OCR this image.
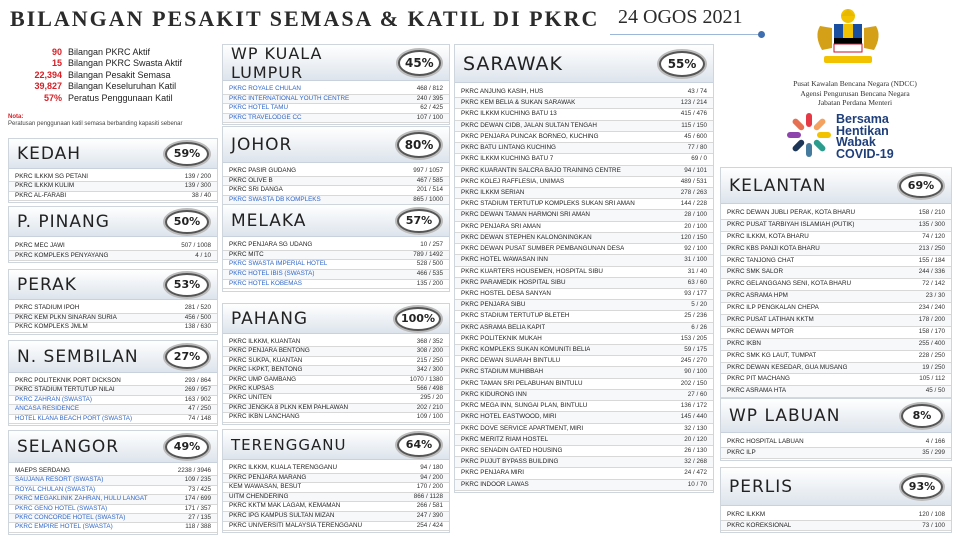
BILANGAN PESAKIT SEMASA & KATIL DI PKRC 24 OGOS 2021
Pusat Kawalan Bencana Negara (NDCC)
Agensi Pengurusan Bencana Negara
Jabatan Perdana Menteri
Bersama
Hentikan
Wabak
COVID-19
90 Bilangan PKRC Aktif
15 Bilangan PKRC Swasta Aktif
22,394 Bilangan Pesakit Semasa
39,827 Bilangan Keseluruhan Katil
57% Peratus Penggunaan Katil
Nota:
Peratusan penggunaan katil semasa berbanding kapasiti sebenar
KEDAH	59%
PKRC ILKKM SG PETANI	139 / 200
PKRC ILKKM KULIM	139 / 300
PKRC AL-FARABI	38 / 40
P. PINANG	50%
PKRC MEC JAWI	507 / 1008
PKRC KOMPLEKS PENYAYANG	4 / 10
PERAK	53%
PKRC STADIUM IPOH	281 / 520
PKRC KEM PLKN SINARAN SURIA	456 / 500
PKRC KOMPLEKS JMLM	138 / 630
N. SEMBILAN	27%
PKRC POLITEKNIK PORT DICKSON	293 / 864
PKRC STADIUM TERTUTUP NILAI	269 / 957
PKRC ZAHRAN (SWASTA)	163 / 902
ANCASA RESIDENCE	47 / 250
HOTEL KLANA BEACH PORT (SWASTA)	74 / 148
SELANGOR	49%
MAEPS SERDANG	2238 / 3946
SAUJANA RESORT (SWASTA)	109 / 235
ROYAL CHULAN (SWASTA)	73 / 425
PKRC MEGAKLINIK ZAHRAN, HULU LANGAT	174 / 699
PKRC GENO HOTEL (SWASTA)	171 / 357
PKRC CONCORDE HOTEL (SWASTA)	27 / 135
PKRC EMPIRE HOTEL (SWASTA)	118 / 388
WP KUALA LUMPUR	45%
PKRC ROYALE CHULAN	468 / 812
PKRC INTERNATIONAL YOUTH CENTRE	240 / 395
PKRC HOTEL TAMU	62 / 425
PKRC TRAVELODGE CC	107 / 100
JOHOR	80%
PKRC PASIR GUDANG	997 / 1057
PKRC OLIVE B	467 / 585
PKRC SRI DANGA	201 / 514
PKRC SWASTA DB KOMPLEKS	865 / 1000
MELAKA	57%
PKRC PENJARA SG UDANG	10 / 257
PKRC MITC	789 / 1492
PKRC SWASTA IMPERIAL HOTEL	528 / 500
PKRC HOTEL IBIS (SWASTA)	466 / 535
PKRC HOTEL KOBEMAS	135 / 200
PAHANG	100%
PKRC ILKKM, KUANTAN	368 / 352
PKRC PENJARA BENTONG	308 / 200
PKRC SUKPA, KUANTAN	215 / 250
PKRC I-KPKT, BENTONG	342 / 300
PKRC UMP GAMBANG	1070 / 1380
PKRC KUPSAS	566 / 498
PKRC UNITEN	295 / 20
PKRC JENGKA 8 PLKN KEM PAHLAWAN	202 / 210
PKRC IKBN LANCHANG	109 / 100
TERENGGANU	64%
PKRC ILKKM, KUALA TERENGGANU	94 / 180
PKRC PENJARA MARANG	94 / 200
KEM WAWASAN, BESUT	170 / 200
UITM CHENDERING	866 / 1128
PKRC KKTM MAK LAGAM, KEMAMAN	266 / 581
PKRC IPG KAMPUS SULTAN MIZAN	247 / 390
PKRC UNIVERSITI MALAYSIA TERENGGANU	254 / 424
SARAWAK	55%
PKRC ANJUNG KASIH, HUS	43 / 74
PKRC KEM BELIA & SUKAN SARAWAK	123 / 214
PKRC ILKKM KUCHING BATU 13	415 / 476
PKRC DEWAN CIDB, JALAN SULTAN TENGAH	115 / 150
PKRC PENJARA PUNCAK BORNEO, KUCHING	45 / 600
PKRC BATU LINTANG KUCHING	77 / 80
PKRC ILKKM KUCHING BATU 7	69 / 0
PKRC KUARANTIN SALCRA BAJO TRAINING CENTRE	94 / 101
PKRC KOLEJ RAFFLESIA, UNIMAS	489 / 531
PKRC ILKKM SERIAN	278 / 263
PKRC STADIUM TERTUTUP KOMPLEKS SUKAN SRI AMAN	144 / 228
PKRC DEWAN TAMAN HARMONI SRI AMAN	28 / 100
PKRC PENJARA SRI AMAN	20 / 100
PKRC DEWAN STEPHEN KALONGNINGKAN	120 / 150
PKRC DEWAN PUSAT SUMBER PEMBANGUNAN DESA	92 / 100
PKRC HOTEL WAWASAN INN	31 / 100
PKRC KUARTERS HOUSEMEN, HOSPITAL SIBU	31 / 40
PKRC PARAMEDIK HOSPITAL SIBU	63 / 60
PKRC HOSTEL DESA SANYAN	93 / 177
PKRC PENJARA SIBU	5 / 20
PKRC STADIUM TERTUTUP BLETEH	25 / 236
PKRC ASRAMA BELIA KAPIT	6 / 26
PKRC POLITEKNIK MUKAH	153 / 205
PKRC KOMPLEKS SUKAN KOMUNITI BELIA	59 / 175
PKRC DEWAN SUARAH BINTULU	245 / 270
PKRC STADIUM MUHIBBAH	90 / 100
PKRC TAMAN SRI PELABUHAN BINTULU	202 / 150
PKRC KIDURONG INN	27 / 60
PKRC MEGA INN, SUNGAI PLAN, BINTULU	136 / 172
PKRC HOTEL EASTWOOD, MIRI	145 / 440
PKRC DOVE SERVICE APARTMENT, MIRI	32 / 130
PKRC MERITZ RIAM HOSTEL	20 / 120
PKRC SENADIN GATED HOUSING	26 / 130
PKRC PUJUT BYPASS BUILDING	32 / 268
PKRC PENJARA MIRI	24 / 472
PKRC INDOOR LAWAS	10 / 70
KELANTAN	69%
PKRC DEWAN JUBLI PERAK, KOTA BHARU	158 / 210
PKRC PUSAT TARBIYAH ISLAMIAH (PUTIK)	135 / 300
PKRC ILKKM, KOTA BHARU	74 / 120
PKRC KBS PANJI KOTA BHARU	213 / 250
PKRC TANJONG CHAT	155 / 184
PKRC SMK SALOR	244 / 336
PKRC GELANGGANG SENI, KOTA BHARU	72 / 142
PKRC ASRAMA HPM	23 / 30
PKRC ILP PENGKALAN CHEPA	234 / 240
PKRC PUSAT LATIHAN KKTM	178 / 200
PKRC DEWAN MPTOR	158 / 170
PKRC IKBN	255 / 400
PKRC SMK KG LAUT, TUMPAT	228 / 250
PKRC DEWAN KESEDAR, GUA MUSANG	19 / 250
PKRC PIT MACHANG	105 / 112
PKRC ASRAMA HTA	45 / 50
WP LABUAN	8%
PKRC HOSPITAL LABUAN	4 / 166
PKRC ILP	35 / 299
PERLIS	93%
PKRC ILKKM	120 / 108
PKRC KOREKSIONAL	73 / 100
